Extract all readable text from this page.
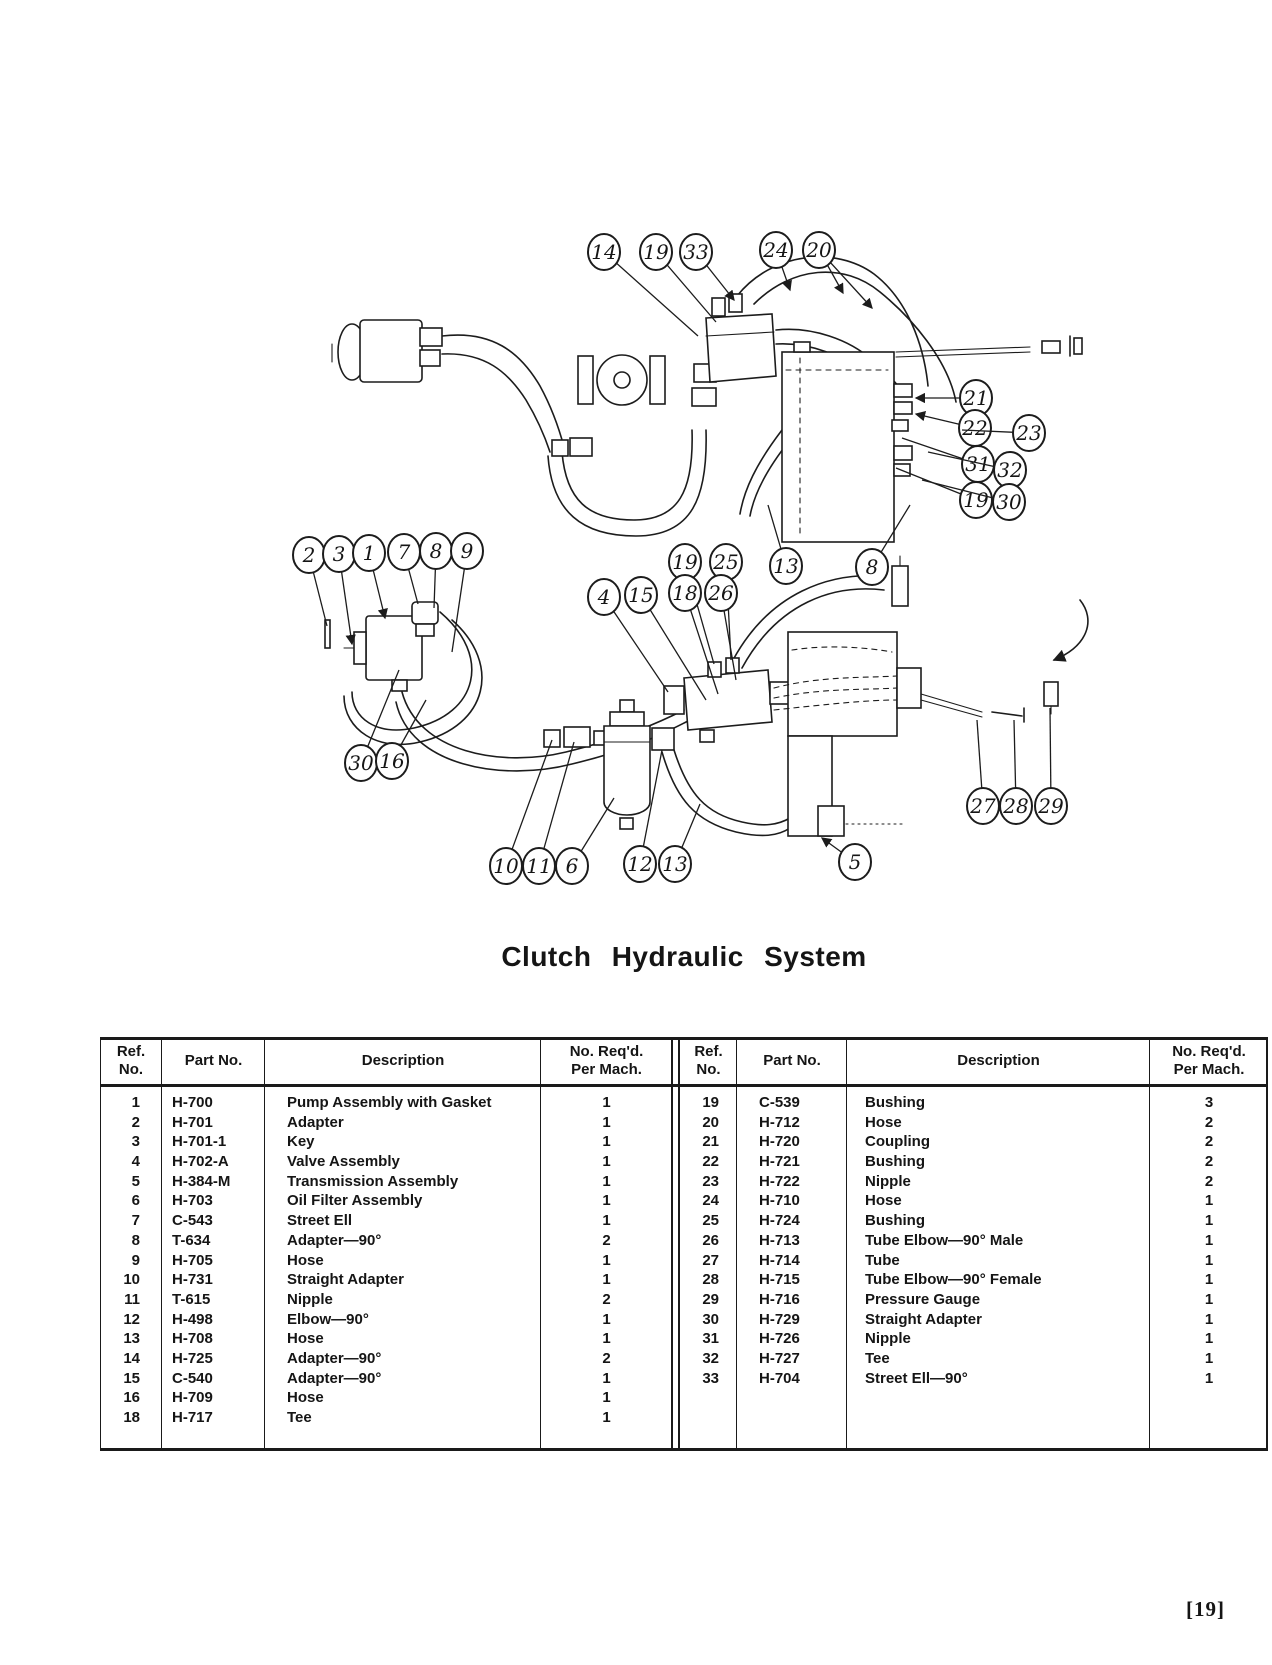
14 19 33	24 20
21
22 23
31 32
19 30
13	8
2 3 1 7 8 9	19 25
4 15 18 26
30 16
10 11 6 12 13	5
27 28 29
Clutch Hydraulic System
Ref.
No.
Part No.	Description
No. Req'd.
Per Mach.
Ref.
No.
Part No.	Description
No. Req'd.
Per Mach.
1	H-700	Pump Assembly with Gasket	1
2	H-701	Adapter	1
3	H-701-1	Key	1
4	H-702-A	Valve Assembly	1
5	H-384-M	Transmission Assembly	1
6	H-703	Oil Filter Assembly	1
7	C-543	Street Ell	1
8	T-634	Adapter—90°	2
9	H-705	Hose	1
10	H-731	Straight Adapter	1
11	T-615	Nipple	2
12	H-498	Elbow—90°	1
13	H-708	Hose	1
14	H-725	Adapter—90°	2
15	C-540	Adapter—90°	1
16	H-709	Hose	1
18	H-717	Tee	1
19	C-539	Bushing	3
20	H-712	Hose	2
21	H-720	Coupling	2
22	H-721	Bushing	2
23	H-722	Nipple	2
24	H-710	Hose	1
25	H-724	Bushing	1
26	H-713	Tube Elbow—90° Male	1
27	H-714	Tube	1
28	H-715	Tube Elbow—90° Female	1
29	H-716	Pressure Gauge	1
30	H-729	Straight Adapter	1
31	H-726	Nipple	1
32	H-727	Tee	1
33	H-704	Street Ell—90°	1
[19]
